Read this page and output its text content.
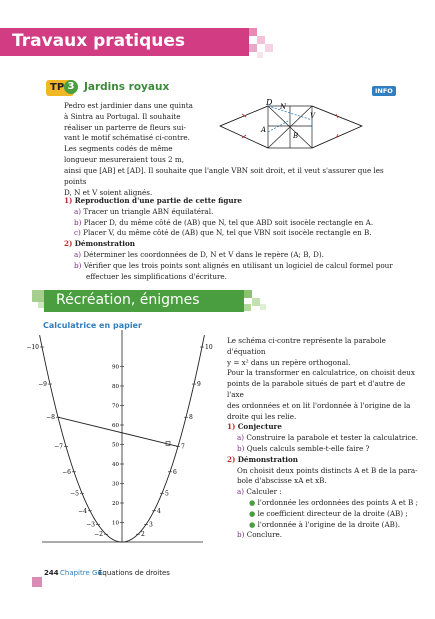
Travaux pratiques
TP 3 Jardins royaux	INFO
Pedro est jardinier dans une quinta
à Sintra au Portugal. Il souhaite
réaliser un parterre de fleurs sui-
vant le motif schématisé ci-contre.
Les segments codés de même
longueur mesureraient tous 2 m,
ainsi que [AB] et [AD]. Il souhaite que l'angle VBN soit droit, et il veut s'assurer que les points
D, N et V soient alignés.
D N
V
A
B
1) Reproduction d'une partie de cette figure
a) Tracer un triangle ABN équilatéral.
b) Placer D, du même côté de (AB) que N, tel que ABD soit isocèle rectangle en A.
c) Placer V, du même côté de (AB) que N, tel que VBN soit isocèle rectangle en B.
2) Démonstration
a) Déterminer les coordonnées de D, N et V dans le repère (A; B, D).
b) Vérifier que les trois points sont alignés en utilisant un logiciel de calcul formel pour
effectuer les simplifications d'écriture.
Récréation, énigmes
Calculatrice en papier
10
20
30
40
50
60
70
80
90
−10
−9
−8
−7
−6
−5
−4
−3
−2
10
9
8
7
6
5
4
3
2
Le schéma ci-contre représente la parabole d'équation
y = x² dans un repère orthogonal.
Pour la transformer en calculatrice, on choisit deux
points de la parabole situés de part et d'autre de l'axe
des ordonnées et on lit l'ordonnée à l'origine de la
droite qui les relie.
1) Conjecture
a) Construire la parabole et tester la calculatrice.
b) Quels calculs semble-t-elle faire ?
2) Démonstration
On choisit deux points distincts A et B de la para-
bole d'abscisse xA et xB.
a) Calculer :
● l'ordonnée les ordonnées des points A et B ;
● le coefficient directeur de la droite (AB) ;
● l'ordonnée à l'origine de la droite (AB).
b) Conclure.
244 Chapitre G4.
Équations de droites
